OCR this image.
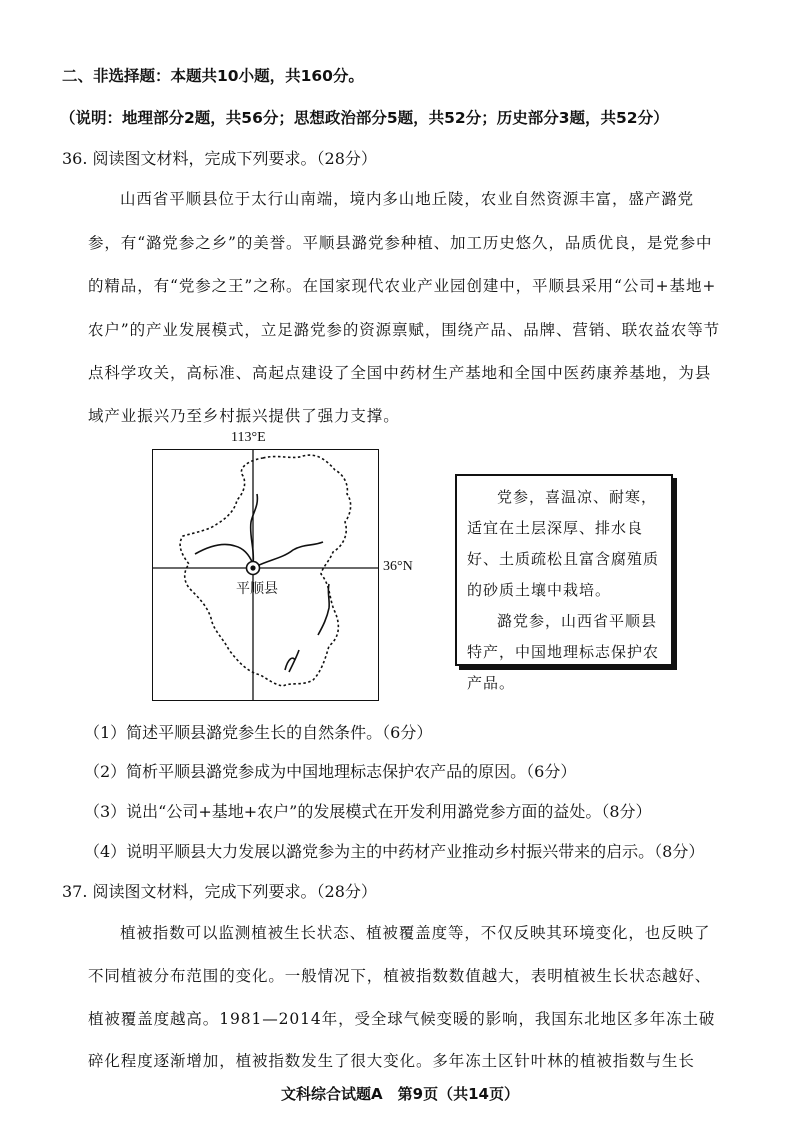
二、非选择题：本题共10小题，共160分。
（说明：地理部分2题，共56分；思想政治部分5题，共52分；历史部分3题，共52分）
36. 阅读图文材料，完成下列要求。（28分）
山西省平顺县位于太行山南端，境内多山地丘陵，农业自然资源丰富，盛产潞党
参，有“潞党参之乡”的美誉。平顺县潞党参种植、加工历史悠久，品质优良，是党参中
的精品，有“党参之王”之称。在国家现代农业产业园创建中，平顺县采用“公司+基地+
农户”的产业发展模式，立足潞党参的资源禀赋，围绕产品、品牌、营销、联农益农等节
点科学攻关，高标准、高起点建设了全国中药材生产基地和全国中医药康养基地，为县
域产业振兴乃至乡村振兴提供了强力支撑。
113°E
平顺县
36°N

党参，喜温凉、耐寒，适宜在土层深厚、排水良好、土质疏松且富含腐殖质的砂质土壤中栽培。

潞党参，山西省平顺县特产，中国地理标志保护农产品。

（1）简述平顺县潞党参生长的自然条件。（6分）
（2）简析平顺县潞党参成为中国地理标志保护农产品的原因。（6分）
（3）说出“公司+基地+农户”的发展模式在开发利用潞党参方面的益处。（8分）
（4）说明平顺县大力发展以潞党参为主的中药材产业推动乡村振兴带来的启示。（8分）
37. 阅读图文材料，完成下列要求。（28分）
植被指数可以监测植被生长状态、植被覆盖度等，不仅反映其环境变化，也反映了
不同植被分布范围的变化。一般情况下，植被指数数值越大，表明植被生长状态越好、
植被覆盖度越高。1981—2014年，受全球气候变暖的影响，我国东北地区多年冻土破
碎化程度逐渐增加，植被指数发生了很大变化。多年冻土区针叶林的植被指数与生长
文科综合试题A　第9页（共14页）
